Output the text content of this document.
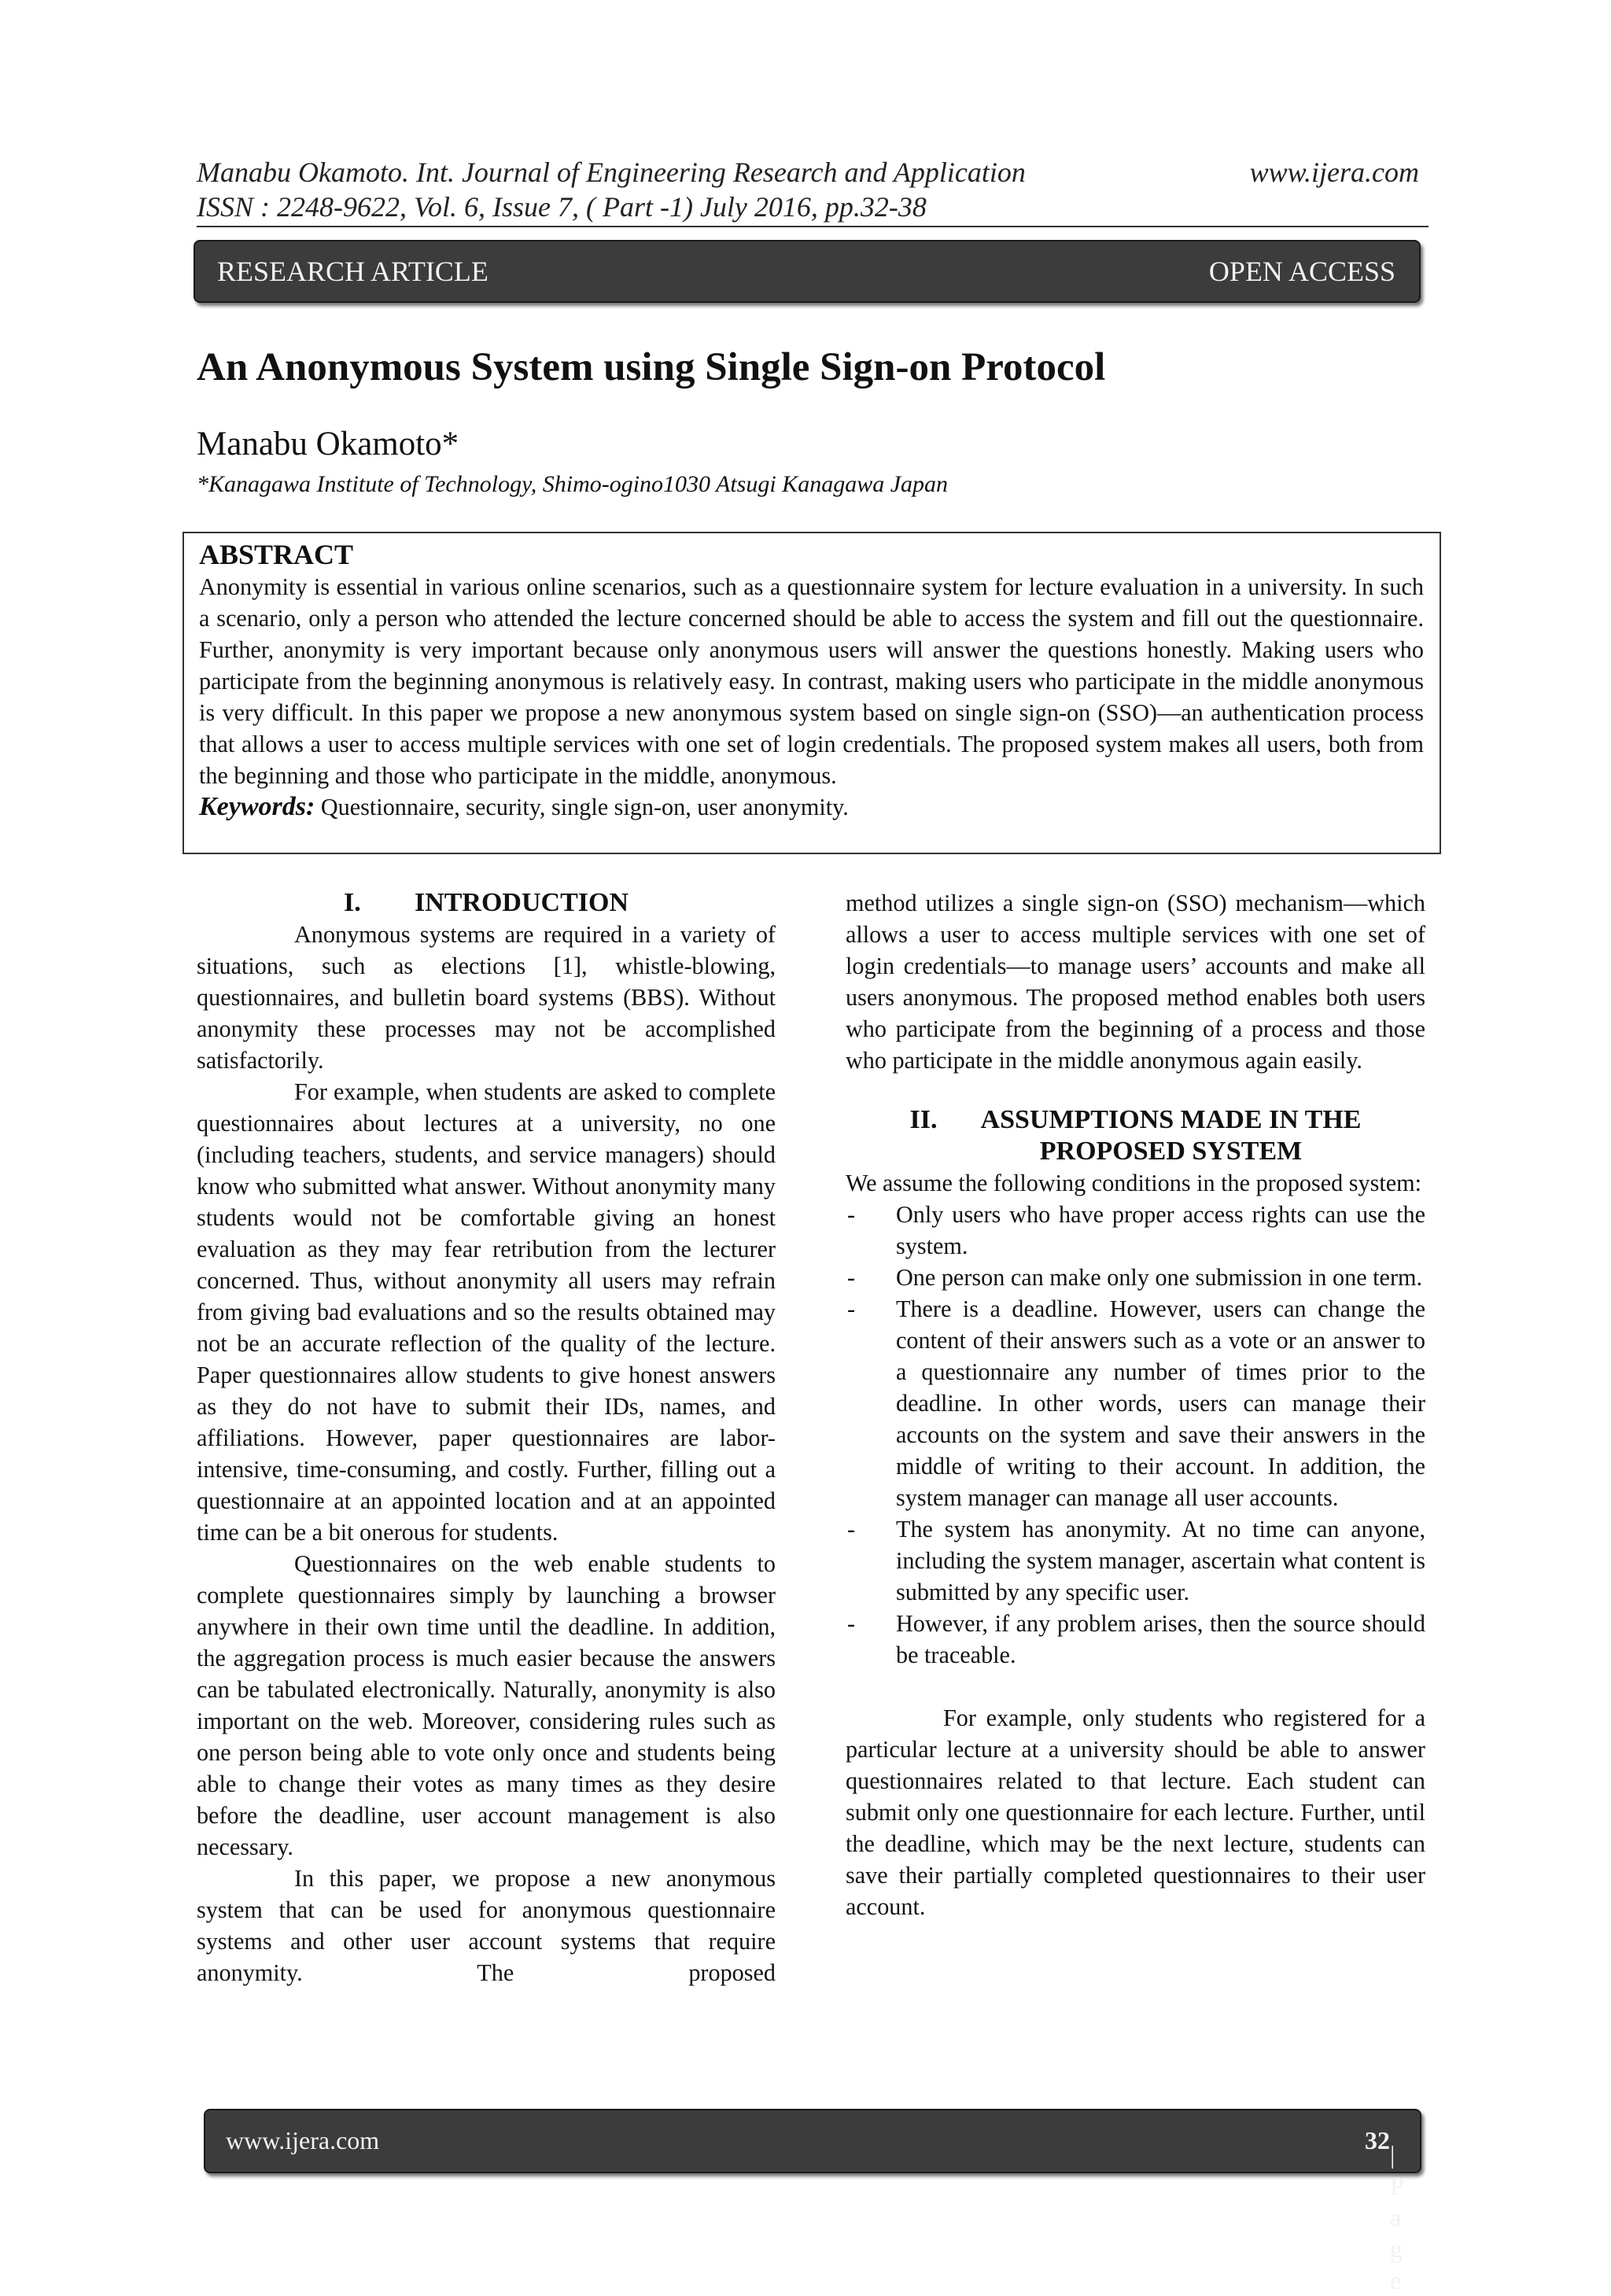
Manabu Okamoto. Int. Journal of Engineering Research and Application	www.ijera.com
ISSN : 2248-9622, Vol. 6, Issue 7, ( Part -1) July 2016, pp.32-38
RESEARCH ARTICLE	OPEN ACCESS
An Anonymous System using Single Sign-on Protocol
Manabu Okamoto*
*Kanagawa Institute of Technology, Shimo-ogino1030 Atsugi Kanagawa Japan
ABSTRACT
Anonymity is essential in various online scenarios, such as a questionnaire system for lecture evaluation in a university. In such a scenario, only a person who attended the lecture concerned should be able to access the system and fill out the questionnaire. Further, anonymity is very important because only anonymous users will answer the questions honestly. Making users who participate from the beginning anonymous is relatively easy. In contrast, making users who participate in the middle anonymous is very difficult. In this paper we propose a new anonymous system based on single sign-on (SSO)—an authentication process that allows a user to access multiple services with one set of login credentials. The proposed system makes all users, both from the beginning and those who participate in the middle, anonymous.
Keywords: Questionnaire, security, single sign-on, user anonymity.
I. INTRODUCTION

Anonymous systems are required in a variety of situations, such as elections [1], whistle-blowing, questionnaires, and bulletin board systems (BBS). Without anonymity these processes may not be accomplished satisfactorily.

For example, when students are asked to complete questionnaires about lectures at a university, no one (including teachers, students, and service managers) should know who submitted what answer. Without anonymity many students would not be comfortable giving an honest evaluation as they may fear retribution from the lecturer concerned. Thus, without anonymity all users may refrain from giving bad evaluations and so the results obtained may not be an accurate reflection of the quality of the lecture. Paper questionnaires allow students to give honest answers as they do not have to submit their IDs, names, and affiliations. However, paper questionnaires are labor-intensive, time-consuming, and costly. Further, filling out a questionnaire at an appointed location and at an appointed time can be a bit onerous for students.

Questionnaires on the web enable students to complete questionnaires simply by launching a browser anywhere in their own time until the deadline. In addition, the aggregation process is much easier because the answers can be tabulated electronically. Naturally, anonymity is also important on the web. Moreover, considering rules such as one person being able to vote only once and students being able to change their votes as many times as they desire before the deadline, user account management is also necessary.

In this paper, we propose a new anonymous system that can be used for anonymous questionnaire systems and other user account systems that require anonymity. The proposed

method utilizes a single sign-on (SSO) mechanism—which allows a user to access multiple services with one set of login credentials—to manage users’ accounts and make all users anonymous. The proposed method enables both users who participate from the beginning of a process and those who participate in the middle anonymous again easily.

II. ASSUMPTIONS MADE IN THE
PROPOSED SYSTEM

We assume the following conditions in the proposed system:

- Only users who have proper access rights can use the system.
- One person can make only one submission in one term.
- There is a deadline. However, users can change the content of their answers such as a vote or an answer to a questionnaire any number of times prior to the deadline. In other words, users can manage their accounts on the system and save their answers in the middle of writing to their account. In addition, the system manager can manage all user accounts.
- The system has anonymity. At no time can anyone, including the system manager, ascertain what content is submitted by any specific user.
- However, if any problem arises, then the source should be traceable.

For example, only students who registered for a particular lecture at a university should be able to answer questionnaires related to that lecture. Each student can submit only one questionnaire for each lecture. Further, until the deadline, which may be the next lecture, students can save their partially completed questionnaires to their user account.

www.ijera.com	32 | P a g e
